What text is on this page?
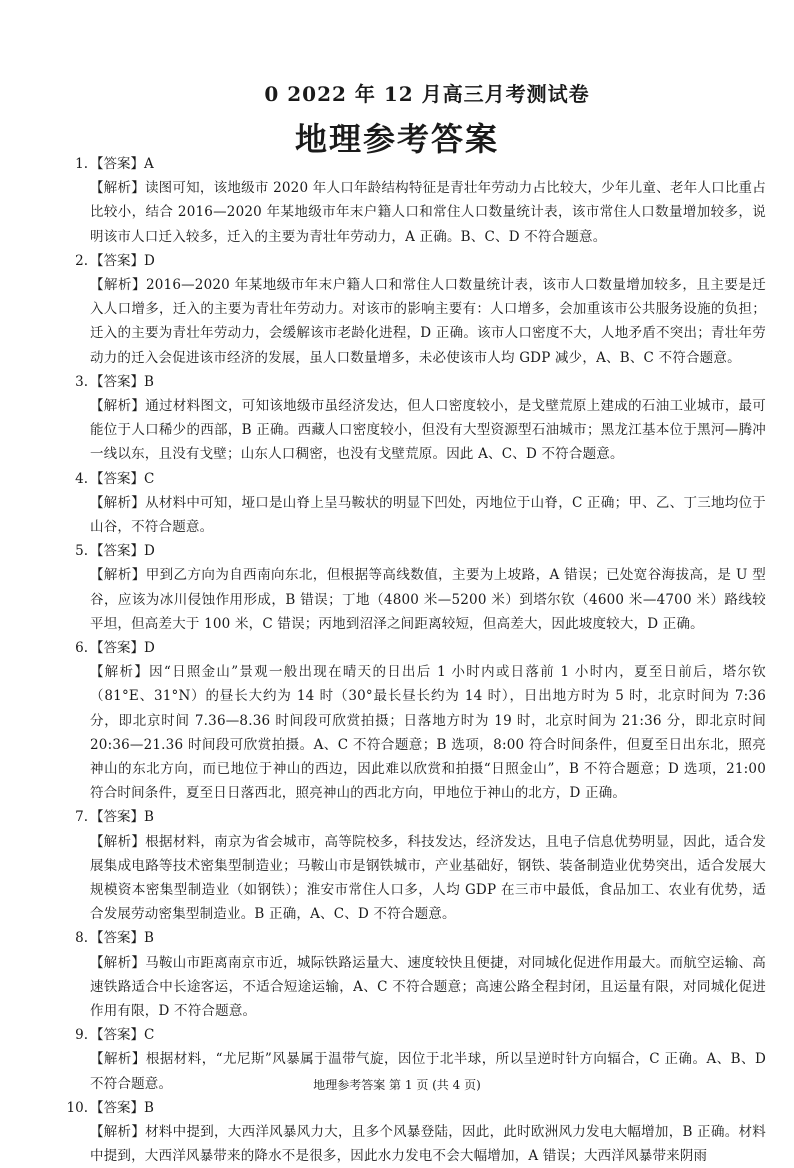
0 2022 年 12 月高三月考测试卷
地理参考答案
1. 【答案】A
【解析】读图可知，该地级市 2020 年人口年龄结构特征是青壮年劳动力占比较大，少年儿童、老年人口比重占比较小，结合 2016—2020 年某地级市年末户籍人口和常住人口数量统计表，该市常住人口数量增加较多，说明该市人口迁入较多，迁入的主要为青壮年劳动力，A 正确。B、C、D 不符合题意。
2. 【答案】D
【解析】2016—2020 年某地级市年末户籍人口和常住人口数量统计表，该市人口数量增加较多，且主要是迁入人口增多，迁入的主要为青壮年劳动力。对该市的影响主要有：人口增多，会加重该市公共服务设施的负担；迁入的主要为青壮年劳动力，会缓解该市老龄化进程，D 正确。该市人口密度不大，人地矛盾不突出；青壮年劳动力的迁入会促进该市经济的发展，虽人口数量增多，未必使该市人均 GDP 减少，A、B、C 不符合题意。
3. 【答案】B
【解析】通过材料图文，可知该地级市虽经济发达，但人口密度较小，是戈壁荒原上建成的石油工业城市，最可能位于人口稀少的西部，B 正确。西藏人口密度较小，但没有大型资源型石油城市；黑龙江基本位于黑河—腾冲一线以东，且没有戈壁；山东人口稠密，也没有戈壁荒原。因此 A、C、D 不符合题意。
4. 【答案】C
【解析】从材料中可知，垭口是山脊上呈马鞍状的明显下凹处，丙地位于山脊，C 正确；甲、乙、丁三地均位于山谷，不符合题意。
5. 【答案】D
【解析】甲到乙方向为自西南向东北，但根据等高线数值，主要为上坡路，A 错误；已处宽谷海拔高，是 U 型谷，应该为冰川侵蚀作用形成，B 错误；丁地（4800 米—5200 米）到塔尔钦（4600 米—4700 米）路线较平坦，但高差大于 100 米，C 错误；丙地到沼泽之间距离较短，但高差大，因此坡度较大，D 正确。
6. 【答案】D
【解析】因“日照金山”景观一般出现在晴天的日出后 1 小时内或日落前 1 小时内，夏至日前后，塔尔钦（81°E、31°N）的昼长大约为 14 时（30°最长昼长约为 14 时），日出地方时为 5 时，北京时间为 7:36 分，即北京时间 7.36—8.36 时间段可欣赏拍摄；日落地方时为 19 时，北京时间为 21:36 分，即北京时间 20:36—21.36 时间段可欣赏拍摄。A、C 不符合题意；B 选项，8:00 符合时间条件，但夏至日出东北，照亮神山的东北方向，而已地位于神山的西边，因此难以欣赏和拍摄“日照金山”，B 不符合题意；D 选项，21:00 符合时间条件，夏至日日落西北，照亮神山的西北方向，甲地位于神山的北方，D 正确。
7. 【答案】B
【解析】根据材料，南京为省会城市，高等院校多，科技发达，经济发达，且电子信息优势明显，因此，适合发展集成电路等技术密集型制造业；马鞍山市是钢铁城市，产业基础好，钢铁、装备制造业优势突出，适合发展大规模资本密集型制造业（如钢铁）；淮安市常住人口多，人均 GDP 在三市中最低，食品加工、农业有优势，适合发展劳动密集型制造业。B 正确，A、C、D 不符合题意。
8. 【答案】B
【解析】马鞍山市距离南京市近，城际铁路运量大、速度较快且便捷，对同城化促进作用最大。而航空运输、高速铁路适合中长途客运，不适合短途运输，A、C 不符合题意；高速公路全程封闭，且运量有限，对同城化促进作用有限，D 不符合题意。
9. 【答案】C
【解析】根据材料，“尤尼斯”风暴属于温带气旋，因位于北半球，所以呈逆时针方向辐合，C 正确。A、B、D 不符合题意。
10. 【答案】B
【解析】材料中提到，大西洋风暴风力大，且多个风暴登陆，因此，此时欧洲风力发电大幅增加，B 正确。材料中提到，大西洋风暴带来的降水不是很多，因此水力发电不会大幅增加，A 错误；大西洋风暴带来阴雨
地理参考答案 第 1 页 (共 4 页)
